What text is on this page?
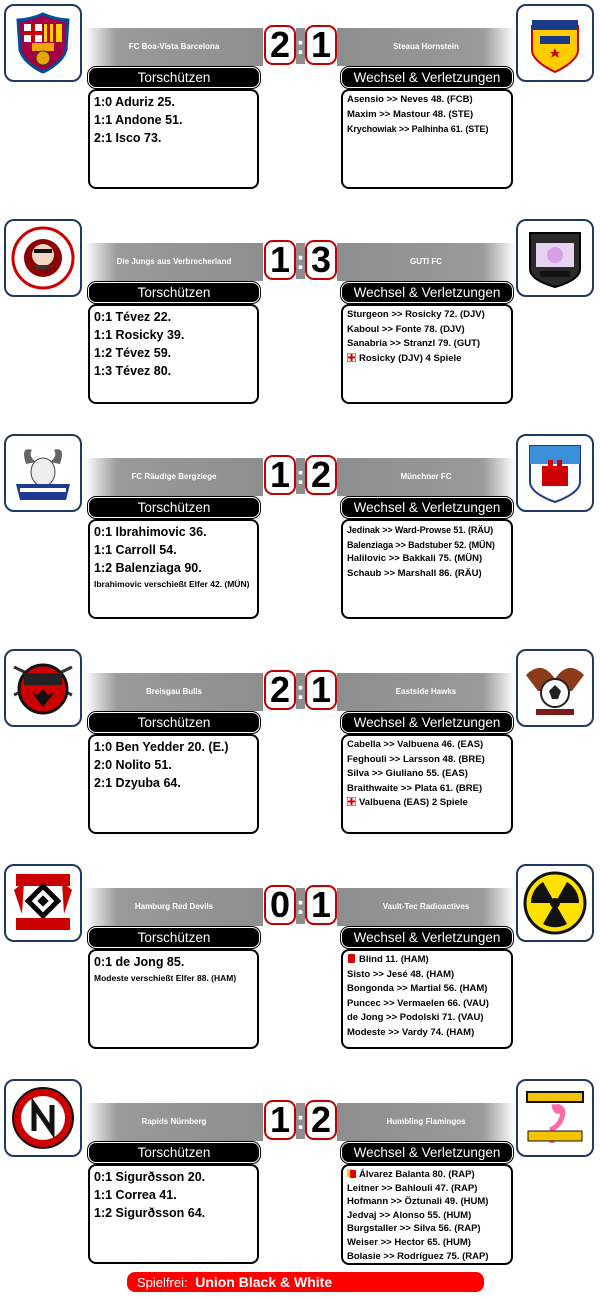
FC Boa-Vista Barcelona	Steaua Hornstein
2 : 1
Torschützen	Wechsel & Verletzungen
1:0 Aduriz 25.
1:1 Andone 51.
2:1 Isco 73.
Asensio >> Neves 48. (FCB)
Maxim >> Mastour 48. (STE)
Krychowiak >> Palhinha 61. (STE)
Die Jungs aus Verbrecherland	GUTI FC
1 : 3
Torschützen	Wechsel & Verletzungen
0:1 Tévez 22.
1:1 Rosicky 39.
1:2 Tévez 59.
1:3 Tévez 80.
Sturgeon >> Rosicky 72. (DJV)
Kaboul >> Fonte 78. (DJV)
Sanabria >> Stranzl 79. (GUT)
Rosicky (DJV) 4 Spiele
FC Räudige Bergziege	Münchner FC
1 : 2
Torschützen	Wechsel & Verletzungen
0:1 Ibrahimovic 36.
1:1 Carroll 54.
1:2 Balenziaga 90.
Ibrahimovic verschießt Elfer 42. (MÜN)
Jedinak >> Ward-Prowse 51. (RÄU)
Balenziaga >> Badstuber 52. (MÜN)
Halilovic >> Bakkali 75. (MÜN)
Schaub >> Marshall 86. (RÄU)
Breisgau Bulls	Eastside Hawks
2 : 1
Torschützen	Wechsel & Verletzungen
1:0 Ben Yedder 20. (E.)
2:0 Nolito 51.
2:1 Dzyuba 64.
Cabella >> Valbuena 46. (EAS)
Feghouli >> Larsson 48. (BRE)
Silva >> Giuliano 55. (EAS)
Braithwaite >> Plata 61. (BRE)
Valbuena (EAS) 2 Spiele
Hamburg Red Devils	Vault-Tec Radioactives
0 : 1
Torschützen	Wechsel & Verletzungen
0:1 de Jong 85.
Modeste verschießt Elfer 88. (HAM)
Blind 11. (HAM)
Sisto >> Jesé 48. (HAM)
Bongonda >> Martial 56. (HAM)
Puncec >> Vermaelen 66. (VAU)
de Jong >> Podolski 71. (VAU)
Modeste >> Vardy 74. (HAM)
Rapids Nürnberg	Humbling Flamingos
1 : 2
Torschützen	Wechsel & Verletzungen
0:1 Sigurðsson 20.
1:1 Correa 41.
1:2 Sigurðsson 64.
Álvarez Balanta 80. (RAP)
Leitner >> Bahlouli 47. (RAP)
Hofmann >> Öztunali 49. (HUM)
Jedvaj >> Alonso 55. (HUM)
Burgstaller >> Silva 56. (RAP)
Weiser >> Hector 65. (HUM)
Bolasie >> Rodríguez 75. (RAP)
Spielfrei: Union Black & White
